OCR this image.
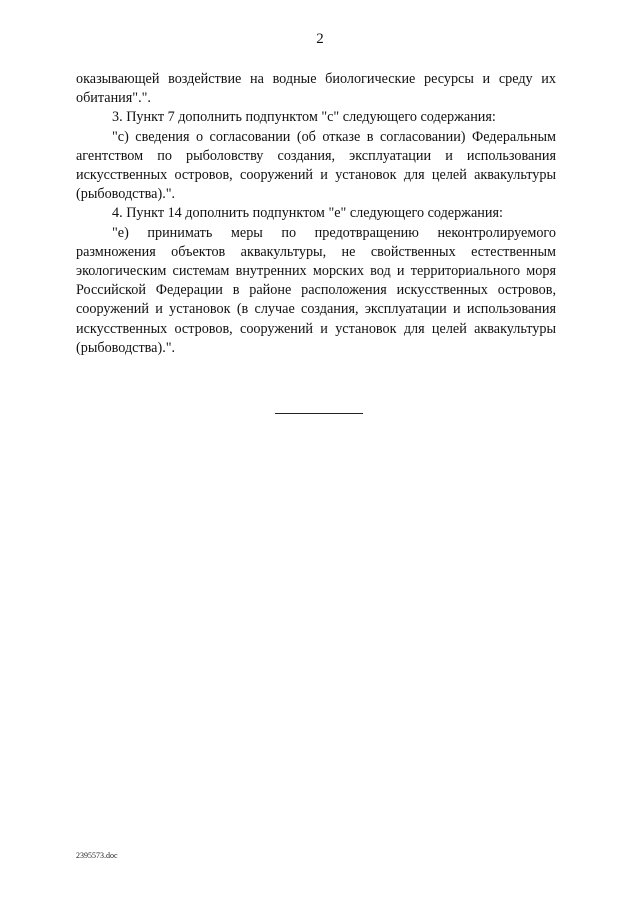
2

оказывающей воздействие на водные биологические ресурсы и среду их обитания".".

3. Пункт 7 дополнить подпунктом "с" следующего содержания:

"с) сведения о согласовании (об отказе в согласовании) Федеральным агентством по рыболовству создания, эксплуатации и использования искусственных островов, сооружений и установок для целей аквакультуры (рыбоводства).".

4. Пункт 14 дополнить подпунктом "е" следующего содержания:

"е) принимать меры по предотвращению неконтролируемого размножения объектов аквакультуры, не свойственных естественным экологическим системам внутренних морских вод и территориального моря Российской Федерации в районе расположения искусственных островов, сооружений и установок (в случае создания, эксплуатации и использования искусственных островов, сооружений и установок для целей аквакультуры (рыбоводства).".

2395573.doc
